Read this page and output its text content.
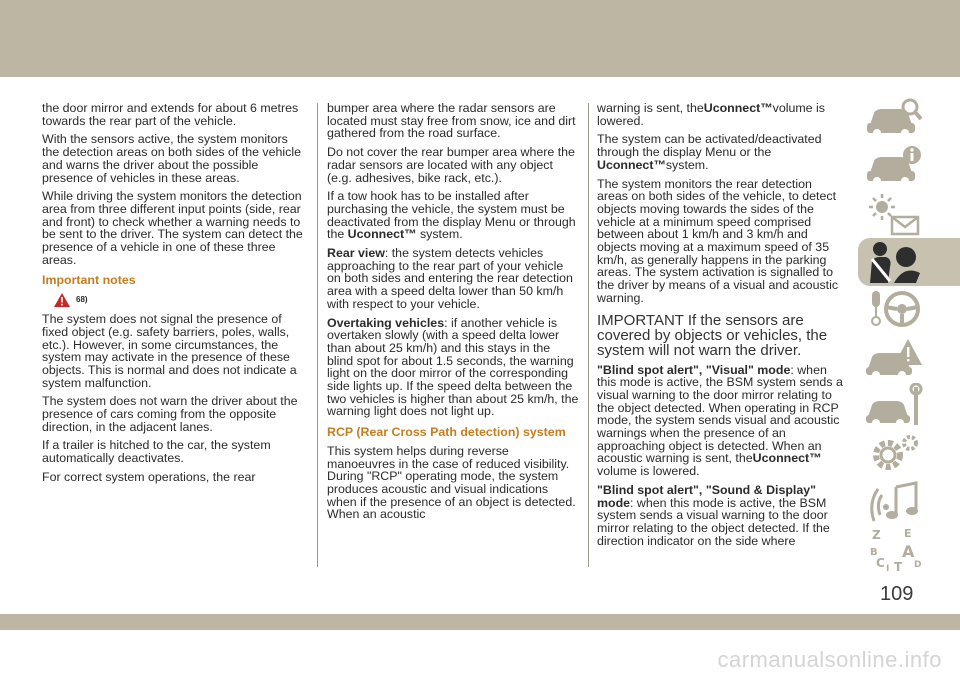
the door mirror and extends for about 6 metres towards the rear part of the vehicle.

With the sensors active, the system monitors the detection areas on both sides of the vehicle and warns the driver about the possible presence of vehicles in these areas.

While driving the system monitors the detection area from three different input points (side, rear and front) to check whether a warning needs to be sent to the driver. The system can detect the presence of a vehicle in one of these three areas.

Important notes
68)

The system does not signal the presence of fixed object (e.g. safety barriers, poles, walls, etc.). However, in some circumstances, the system may activate in the presence of these objects. This is normal and does not indicate a system malfunction.

The system does not warn the driver about the presence of cars coming from the opposite direction, in the adjacent lanes.

If a trailer is hitched to the car, the system automatically deactivates.

For correct system operations, the rear

bumper area where the radar sensors are located must stay free from snow, ice and dirt gathered from the road surface.

Do not cover the rear bumper area where the radar sensors are located with any object (e.g. adhesives, bike rack, etc.).

If a tow hook has to be installed after purchasing the vehicle, the system must be deactivated from the display Menu or through the Uconnect™ system.

Rear view: the system detects vehicles approaching to the rear part of your vehicle on both sides and entering the rear detection area with a speed delta lower than 50 km/h with respect to your vehicle.

Overtaking vehicles: if another vehicle is overtaken slowly (with a speed delta lower than about 25 km/h) and this stays in the blind spot for about 1.5 seconds, the warning light on the door mirror of the corresponding side lights up. If the speed delta between the two vehicles is higher than about 25 km/h, the warning light does not light up.

RCP (Rear Cross Path detection) system

This system helps during reverse manoeuvres in the case of reduced visibility. During "RCP" operating mode, the system produces acoustic and visual indications when if the presence of an object is detected. When an acoustic

warning is sent, theUconnect™volume is lowered.

The system can be activated/deactivated through the display Menu or the Uconnect™system.

The system monitors the rear detection areas on both sides of the vehicle, to detect objects moving towards the sides of the vehicle at a minimum speed comprised between about 1 km/h and 3 km/h and objects moving at a maximum speed of 35 km/h, as generally happens in the parking areas. The system activation is signalled to the driver by means of a visual and acoustic warning.

IMPORTANT If the sensors are covered by objects or vehicles, the system will not warn the driver.

"Blind spot alert", "Visual" mode: when this mode is active, the BSM system sends a visual warning to the door mirror relating to the object detected. When operating in RCP mode, the system sends visual and acoustic warnings when the presence of an approaching object is detected. When an acoustic warning is sent, theUconnect™ volume is lowered.

"Blind spot alert", "Sound & Display" mode: when this mode is active, the BSM system sends a visual warning to the door mirror relating to the object detected. If the direction indicator on the side where	Z E
B A
C T D
I
109
carmanualsonline.info
